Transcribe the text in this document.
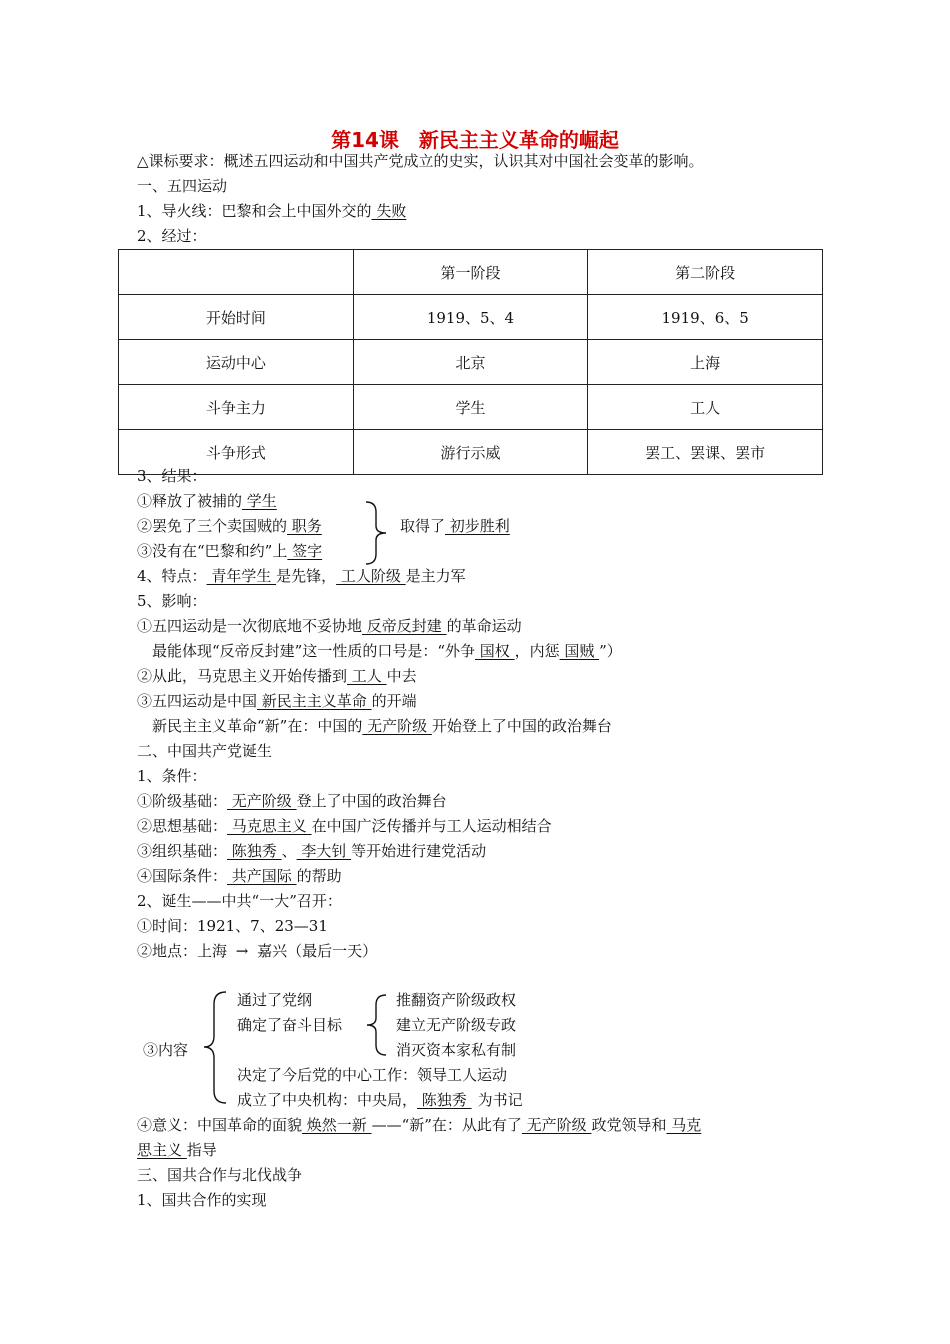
第14课　新民主主义革命的崛起
△课标要求：概述五四运动和中国共产党成立的史实，认识其对中国社会变革的影响。
一、五四运动
1、导火线：巴黎和会上中国外交的 失败
2、经过：
	第一阶段	第二阶段
开始时间	1919、5、4	1919、6、5
运动中心	北京	上海
斗争主力	学生	工人
斗争形式	游行示威	罢工、罢课、罢市
3、结果：
①释放了被捕的 学生
②罢免了三个卖国贼的 职务
③没有在“巴黎和约”上 签字
取得了 初步胜利
4、特点： 青年学生 是先锋， 工人阶级 是主力军
5、影响：
①五四运动是一次彻底地不妥协地 反帝反封建 的革命运动
最能体现“反帝反封建”这一性质的口号是：“外争 国权 ，内惩 国贼 ”）
②从此，马克思主义开始传播到 工人 中去
③五四运动是中国 新民主主义革命 的开端
新民主主义革命“新”在：中国的 无产阶级 开始登上了中国的政治舞台
二、中国共产党诞生
1、条件：
①阶级基础： 无产阶级 登上了中国的政治舞台
②思想基础： 马克思主义 在中国广泛传播并与工人运动相结合
③组织基础： 陈独秀 、 李大钊 等开始进行建党活动
④国际条件： 共产国际 的帮助
2、诞生——中共“一大”召开：
①时间：1921、7、23—31
②地点：上海 → 嘉兴（最后一天）
③内容
通过了党纲
确定了奋斗目标
决定了今后党的中心工作：领导工人运动
成立了中央机构：中央局， 陈独秀 为书记
推翻资产阶级政权
建立无产阶级专政
消灭资本家私有制
④意义：中国革命的面貌 焕然一新 ——“新”在：从此有了 无产阶级 政党领导和 马克
思主义 指导
三、国共合作与北伐战争
1、国共合作的实现
